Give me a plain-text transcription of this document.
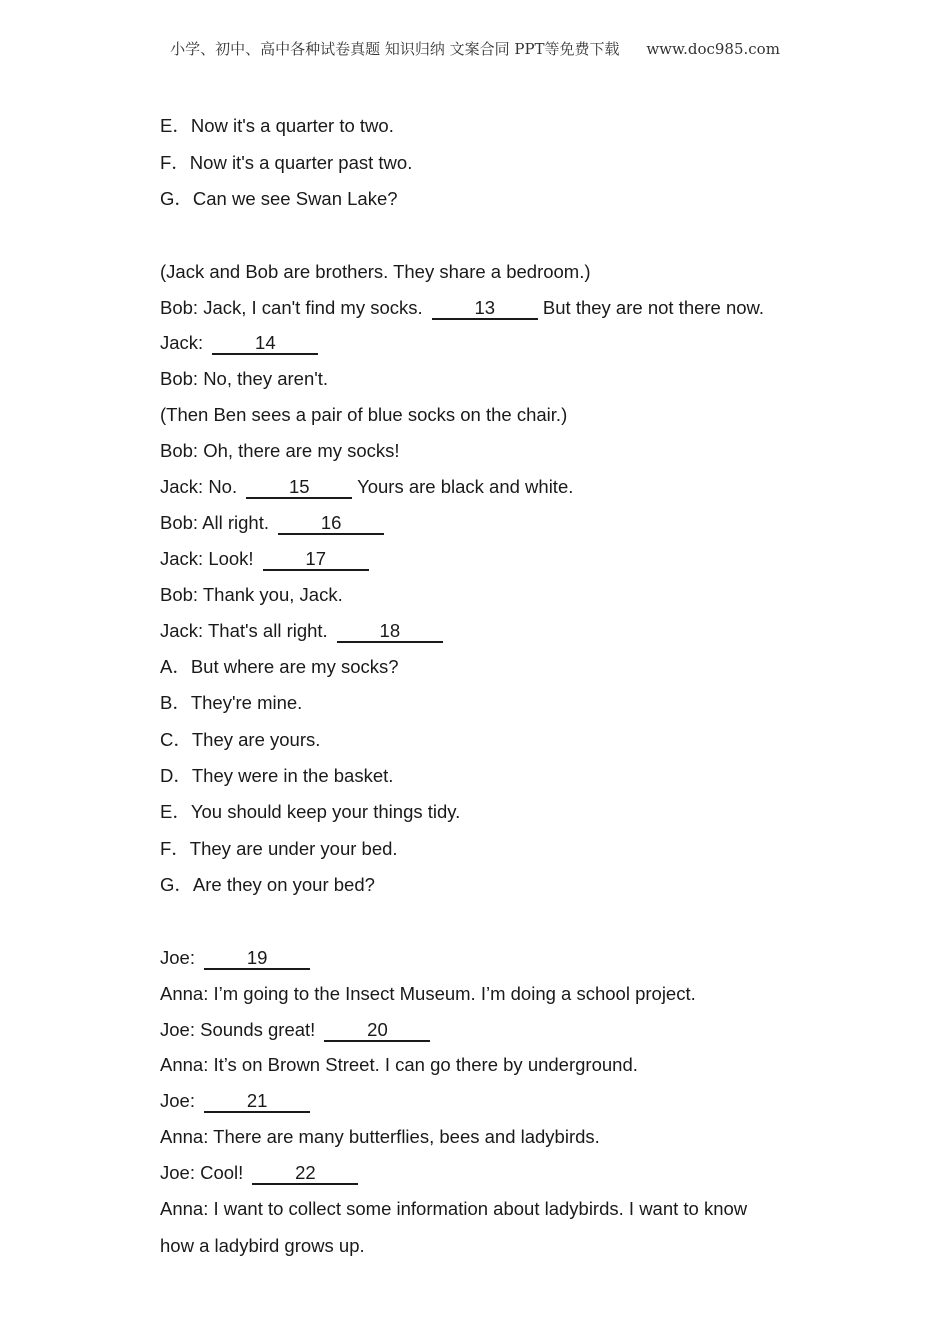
小学、初中、高中各种试卷真题 知识归纳 文案合同 PPT等免费下载 www.doc985.com
E．Now it's a quarter to two.
F．Now it's a quarter past two.
G．Can we see Swan Lake?
(Jack and Bob are brothers. They share a bedroom.)
Bob: Jack, I can't find my socks.	13	But they are not there now.
Jack:	14
Bob: No, they aren't.
(Then Ben sees a pair of blue socks on the chair.)
Bob: Oh, there are my socks!
Jack: No.	15	Yours are black and white.
Bob: All right.	16
Jack: Look!	17
Bob: Thank you, Jack.
Jack: That's all right.	18
A．But where are my socks?
B．They're mine.
C．They are yours.
D．They were in the basket.
E．You should keep your things tidy.
F．They are under your bed.
G．Are they on your bed?
Joe:	19
Anna: I’m going to the Insect Museum. I’m doing a school project.
Joe: Sounds great!	20
Anna: It’s on Brown Street. I can go there by underground.
Joe:	21
Anna: There are many butterflies, bees and ladybirds.
Joe: Cool!	22
Anna: I want to collect some information about ladybirds. I want to know
how a ladybird grows up.
